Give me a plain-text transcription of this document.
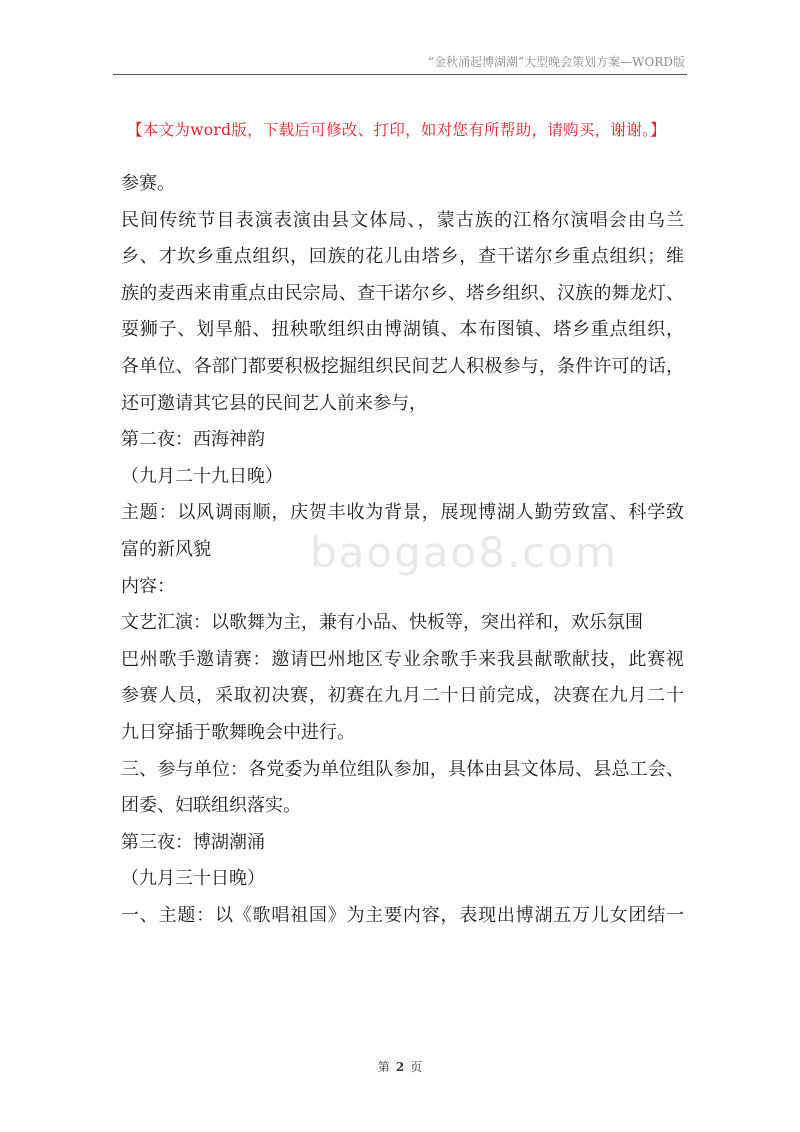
“金秋涌起博湖潮”大型晚会策划方案—WORD版
【本文为word版，下载后可修改、打印，如对您有所帮助，请购买，谢谢。】
baogao8.com
参赛。
民间传统节目表演表演由县文体局、，蒙古族的江格尔演唱会由乌兰
乡、才坎乡重点组织，回族的花儿由塔乡，查干诺尔乡重点组织；维
族的麦西来甫重点由民宗局、查干诺尔乡、塔乡组织、汉族的舞龙灯、
耍狮子、划旱船、扭秧歌组织由博湖镇、本布图镇、塔乡重点组织，
各单位、各部门都要积极挖掘组织民间艺人积极参与，条件许可的话，
还可邀请其它县的民间艺人前来参与，
第二夜：西海神韵
（九月二十九日晚）
主题：以风调雨顺，庆贺丰收为背景，展现博湖人勤劳致富、科学致
富的新风貌
内容：
文艺汇演：以歌舞为主，兼有小品、快板等，突出祥和，欢乐氛围
巴州歌手邀请赛：邀请巴州地区专业余歌手来我县献歌献技，此赛视
参赛人员，采取初决赛，初赛在九月二十日前完成，决赛在九月二十
九日穿插于歌舞晚会中进行。
三、参与单位：各党委为单位组队参加，具体由县文体局、县总工会、
团委、妇联组织落实。
第三夜：博湖潮涌
（九月三十日晚）
一、主题：以《歌唱祖国》为主要内容，表现出博湖五万儿女团结一
第 2 页
